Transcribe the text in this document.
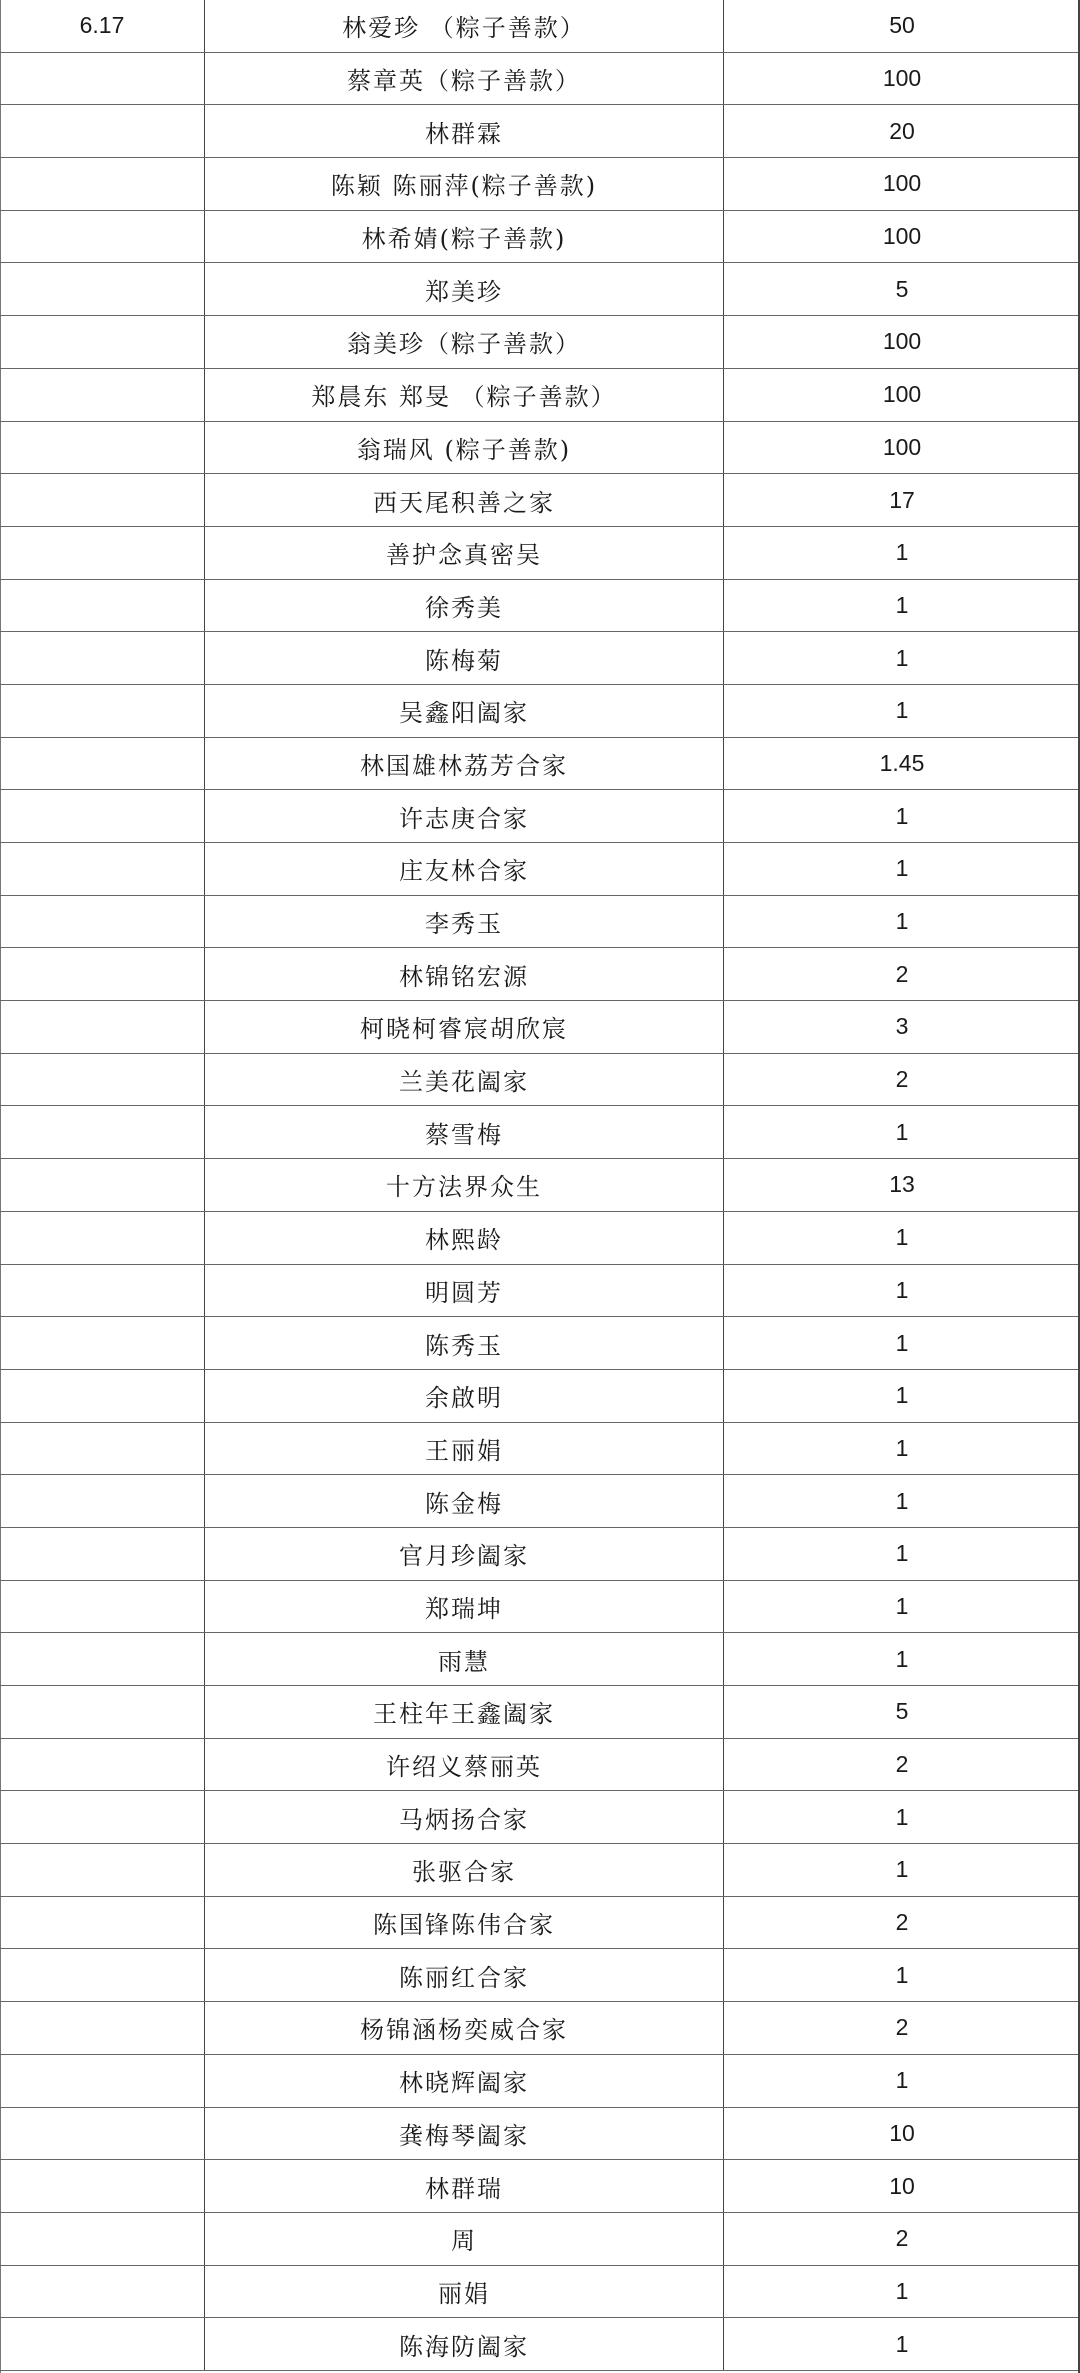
6.17	林爱珍 （粽子善款）	50
	蔡章英（粽子善款）	100
	林群霖	20
	陈颖 陈丽萍(粽子善款)	100
	林希婧(粽子善款)	100
	郑美珍	5
	翁美珍（粽子善款）	100
	郑晨东 郑旻 （粽子善款）	100
	翁瑞风 (粽子善款)	100
	西天尾积善之家	17
	善护念真密吴	1
	徐秀美	1
	陈梅菊	1
	吴鑫阳阖家	1
	林国雄林荔芳合家	1.45
	许志庚合家	1
	庄友林合家	1
	李秀玉	1
	林锦铭宏源	2
	柯晓柯睿宸胡欣宸	3
	兰美花阖家	2
	蔡雪梅	1
	十方法界众生	13
	林熙龄	1
	明圆芳	1
	陈秀玉	1
	余啟明	1
	王丽娟	1
	陈金梅	1
	官月珍阖家	1
	郑瑞坤	1
	雨慧	1
	王柱年王鑫阖家	5
	许绍义蔡丽英	2
	马炳扬合家	1
	张驱合家	1
	陈国锋陈伟合家	2
	陈丽红合家	1
	杨锦涵杨奕威合家	2
	林晓辉阖家	1
	龚梅琴阖家	10
	林群瑞	10
	周	2
	丽娟	1
	陈海防阖家	1
